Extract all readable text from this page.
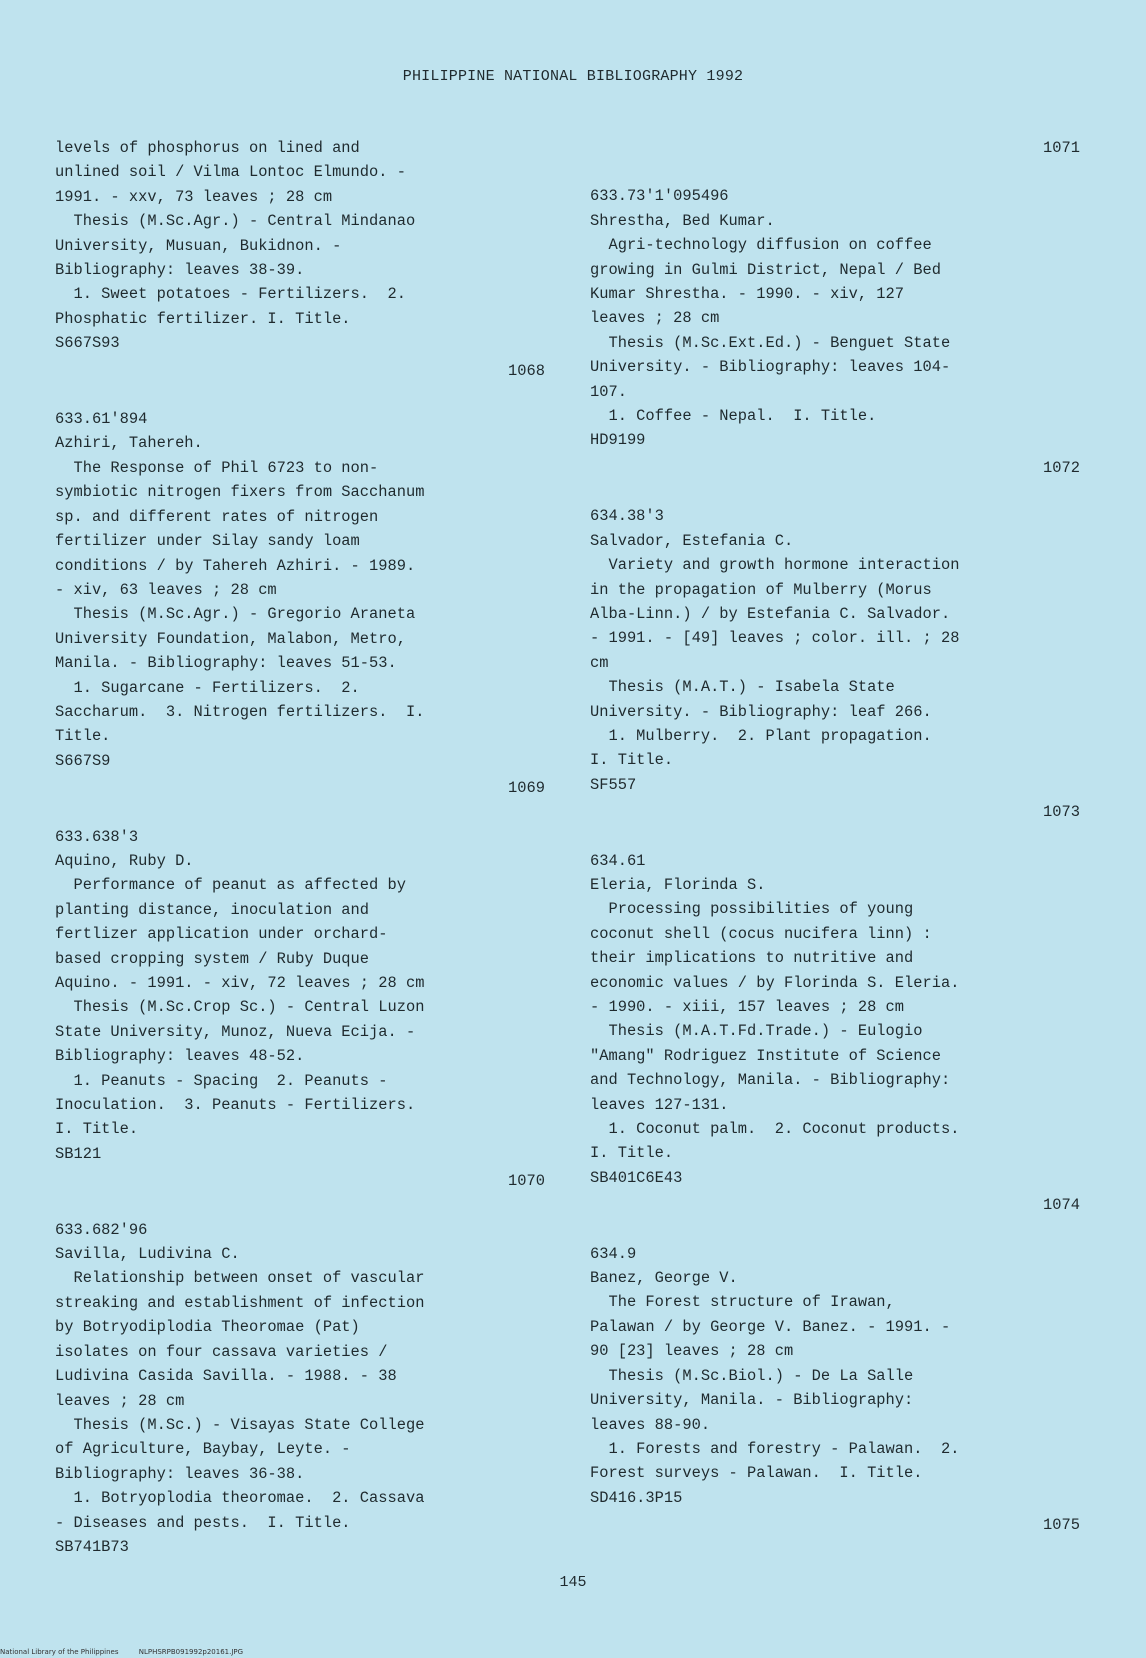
PHILIPPINE NATIONAL BIBLIOGRAPHY 1992
levels of phosphorus on lined and
unlined soil / Vilma Lontoc Elmundo. -
1991. - xxv, 73 leaves ; 28 cm
Thesis (M.Sc.Agr.) - Central Mindanao
University, Musuan, Bukidnon. -
Bibliography: leaves 38-39.
1. Sweet potatoes - Fertilizers.  2.
Phosphatic fertilizer. I. Title.
S667S93
1068
633.61'894
Azhiri, Tahereh.
The Response of Phil 6723 to non-
symbiotic nitrogen fixers from Sacchanum
sp. and different rates of nitrogen
fertilizer under Silay sandy loam
conditions / by Tahereh Azhiri. - 1989.
- xiv, 63 leaves ; 28 cm
Thesis (M.Sc.Agr.) - Gregorio Araneta
University Foundation, Malabon, Metro,
Manila. - Bibliography: leaves 51-53.
1. Sugarcane - Fertilizers.  2.
Saccharum.  3. Nitrogen fertilizers.  I.
Title.
S667S9
1069
633.638'3
Aquino, Ruby D.
Performance of peanut as affected by
planting distance, inoculation and
fertlizer application under orchard-
based cropping system / Ruby Duque
Aquino. - 1991. - xiv, 72 leaves ; 28 cm
Thesis (M.Sc.Crop Sc.) - Central Luzon
State University, Munoz, Nueva Ecija. -
Bibliography: leaves 48-52.
1. Peanuts - Spacing  2. Peanuts -
Inoculation.  3. Peanuts - Fertilizers.
I. Title.
SB121
1070
633.682'96
Savilla, Ludivina C.
Relationship between onset of vascular
streaking and establishment of infection
by Botryodiplodia Theoromae (Pat)
isolates on four cassava varieties /
Ludivina Casida Savilla. - 1988. - 38
leaves ; 28 cm
Thesis (M.Sc.) - Visayas State College
of Agriculture, Baybay, Leyte. -
Bibliography: leaves 36-38.
1. Botryoplodia theoromae.  2. Cassava
- Diseases and pests.  I. Title.
SB741B73
1071
633.73'1'095496
Shrestha, Bed Kumar.
Agri-technology diffusion on coffee
growing in Gulmi District, Nepal / Bed
Kumar Shrestha. - 1990. - xiv, 127
leaves ; 28 cm
Thesis (M.Sc.Ext.Ed.) - Benguet State
University. - Bibliography: leaves 104-
107.
1. Coffee - Nepal.  I. Title.
HD9199
1072
634.38'3
Salvador, Estefania C.
Variety and growth hormone interaction
in the propagation of Mulberry (Morus
Alba-Linn.) / by Estefania C. Salvador.
- 1991. - [49] leaves ; color. ill. ; 28
cm
Thesis (M.A.T.) - Isabela State
University. - Bibliography: leaf 266.
1. Mulberry.  2. Plant propagation.
I. Title.
SF557
1073
634.61
Eleria, Florinda S.
Processing possibilities of young
coconut shell (cocus nucifera linn) :
their implications to nutritive and
economic values / by Florinda S. Eleria.
- 1990. - xiii, 157 leaves ; 28 cm
Thesis (M.A.T.Fd.Trade.) - Eulogio
"Amang" Rodriguez Institute of Science
and Technology, Manila. - Bibliography:
leaves 127-131.
1. Coconut palm.  2. Coconut products.
I. Title.
SB401C6E43
1074
634.9
Banez, George V.
The Forest structure of Irawan,
Palawan / by George V. Banez. - 1991. -
90 [23] leaves ; 28 cm
Thesis (M.Sc.Biol.) - De La Salle
University, Manila. - Bibliography:
leaves 88-90.
1. Forests and forestry - Palawan.  2.
Forest surveys - Palawan.  I. Title.
SD416.3P15
1075
145
National Library of the Philippines	NLPHSRPB091992p20161.JPG
